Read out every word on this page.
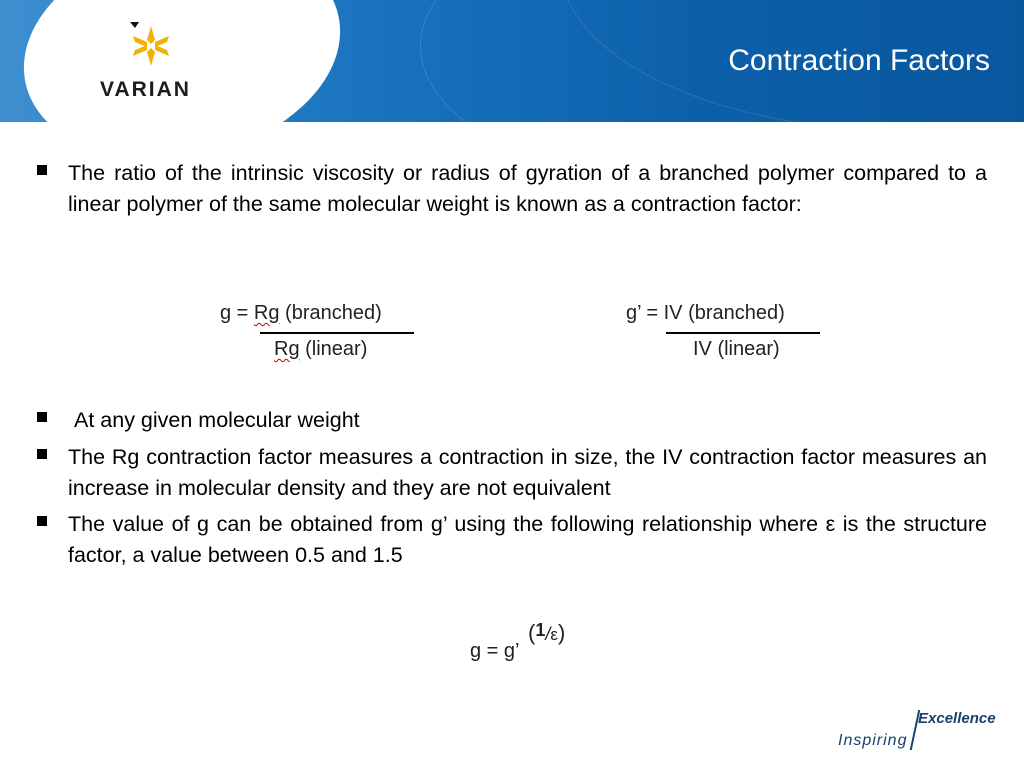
VARIAN
Contraction Factors
The ratio of the intrinsic viscosity or radius of gyration of a branched polymer compared to a linear polymer of the same molecular weight is known as a contraction factor:
g = Rg (branched)
Rg (linear)
g’ = IV (branched)
IV (linear)
At any given molecular weight
The Rg contraction factor measures a contraction in size, the IV contraction factor measures an increase in molecular density and they are not equivalent
The value of g can be obtained from g’ using the following relationship where ε is the structure factor, a value between 0.5 and 1.5
g = g’
(1/ε)
Inspiring
Excellence
